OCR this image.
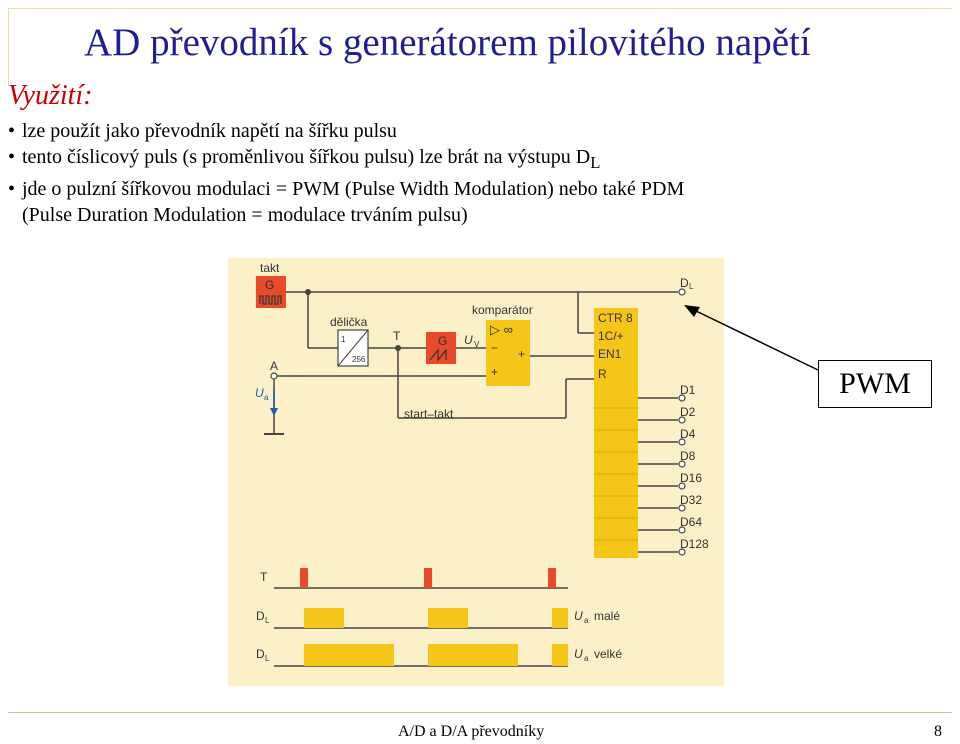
AD převodník s generátorem pilovitého napětí
Využití:
• lze použít jako převodník napětí na šířku pulsu
• tento číslicový puls (s proměnlivou šířkou pulsu) lze brát na výstupu $D_L$
• jde o pulzní šířkovou modulaci = PWM (Pulse Width Modulation) nebo také PDM
(Pulse Duration Modulation = modulace trváním pulsu)
takt
G
dělička
1
256
T
start–takt
G U V
komparátor
▷ ∞
−
+
+
A
U a
CTR 8
1C/+
EN1
R
D L
D1
D2
D4
D8
D16
D32
D64
D128
T
D L	U a malé
D L	U a velké
PWM
A/D a D/A převodníky	8
